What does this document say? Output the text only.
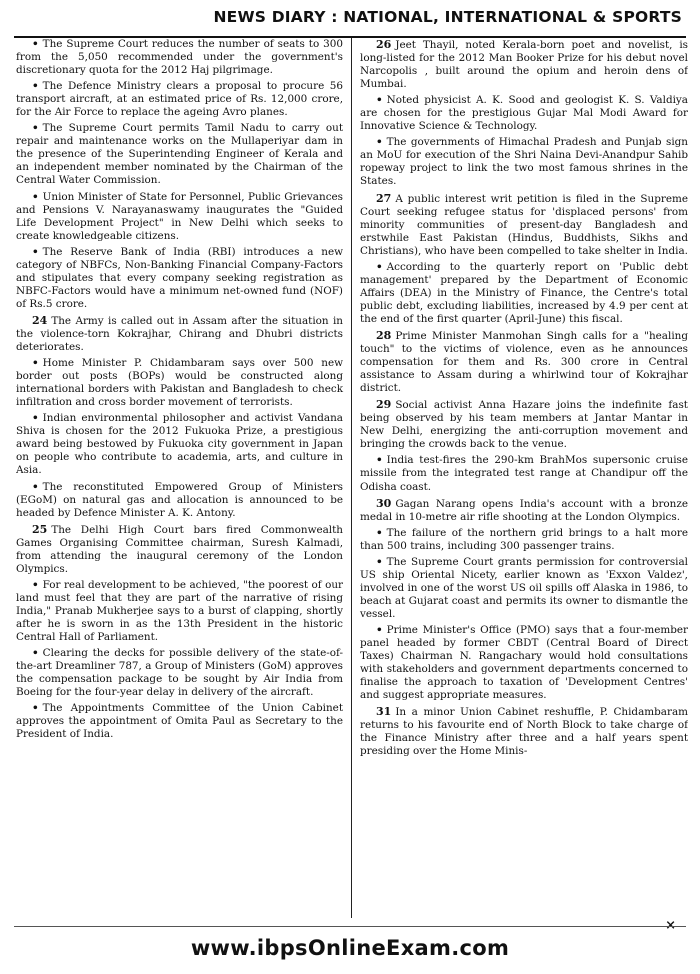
NEWS DIARY : NATIONAL, INTERNATIONAL & SPORTS

• The Supreme Court reduces the number of seats to 300 from the 5,050 recommended under the government's discretionary quota for the 2012 Haj pilgrimage.

• The Defence Ministry clears a proposal to procure 56 transport aircraft, at an estimated price of Rs. 12,000 crore, for the Air Force to replace the ageing Avro planes.

• The Supreme Court permits Tamil Nadu to carry out repair and maintenance works on the Mullaperiyar dam in the presence of the Superintending Engineer of Kerala and an independent member nominated by the Chairman of the Central Water Commission.

• Union Minister of State for Personnel, Public Grievances and Pensions V. Narayanaswamy inaugurates the "Guided Life Development Project" in New Delhi which seeks to create knowledgeable citizens.

• The Reserve Bank of India (RBI) introduces a new category of NBFCs, Non-Banking Financial Company-Factors and stipulates that every company seeking registration as NBFC-Factors would have a minimum net-owned fund (NOF) of Rs.5 crore.

24 The Army is called out in Assam after the situation in the violence-torn Kokrajhar, Chirang and Dhubri districts deteriorates.

• Home Minister P. Chidambaram says over 500 new border out posts (BOPs) would be constructed along international borders with Pakistan and Bangladesh to check infiltration and cross border movement of terrorists.

• Indian environmental philosopher and activist Vandana Shiva is chosen for the 2012 Fukuoka Prize, a prestigious award being bestowed by Fukuoka city government in Japan on people who contribute to academia, arts, and culture in Asia.

• The reconstituted Empowered Group of Ministers (EGoM) on natural gas and allocation is announced to be headed by Defence Minister A. K. Antony.

25 The Delhi High Court bars fired Commonwealth Games Organising Committee chairman, Suresh Kalmadi, from attending the inaugural ceremony of the London Olympics.

• For real development to be achieved, "the poorest of our land must feel that they are part of the narrative of rising India," Pranab Mukherjee says to a burst of clapping, shortly after he is sworn in as the 13th President in the historic Central Hall of Parliament.

• Clearing the decks for possible delivery of the state-of-the-art Dreamliner 787, a Group of Ministers (GoM) approves the compensation package to be sought by Air India from Boeing for the four-year delay in delivery of the aircraft.

• The Appointments Committee of the Union Cabinet approves the appointment of Omita Paul as Secretary to the President of India.

26 Jeet Thayil, noted Kerala-born poet and novelist, is long-listed for the 2012 Man Booker Prize for his debut novel Narcopolis , built around the opium and heroin dens of Mumbai.

• Noted physicist A. K. Sood and geologist K. S. Valdiya are chosen for the prestigious Gujar Mal Modi Award for Innovative Science & Technology.

• The governments of Himachal Pradesh and Punjab sign an MoU for execution of the Shri Naina Devi-Anandpur Sahib ropeway project to link the two most famous shrines in the States.

27 A public interest writ petition is filed in the Supreme Court seeking refugee status for 'displaced persons' from minority communities of present-day Bangladesh and erstwhile East Pakistan (Hindus, Buddhists, Sikhs and Christians), who have been compelled to take shelter in India.

• According to the quarterly report on 'Public debt management' prepared by the Department of Economic Affairs (DEA) in the Ministry of Finance, the Centre's total public debt, excluding liabilities, increased by 4.9 per cent at the end of the first quarter (April-June) this fiscal.

28 Prime Minister Manmohan Singh calls for a "healing touch" to the victims of violence, even as he announces compensation for them and Rs. 300 crore in Central assistance to Assam during a whirlwind tour of Kokrajhar district.

29 Social activist Anna Hazare joins the indefinite fast being observed by his team members at Jantar Mantar in New Delhi, energizing the anti-corruption movement and bringing the crowds back to the venue.

• India test-fires the 290-km BrahMos supersonic cruise missile from the integrated test range at Chandipur off the Odisha coast.

30 Gagan Narang opens India's account with a bronze medal in 10-metre air rifle shooting at the London Olympics.

• The failure of the northern grid brings to a halt more than 500 trains, including 300 passenger trains.

• The Supreme Court grants permission for controversial US ship Oriental Nicety, earlier known as 'Exxon Valdez', involved in one of the worst US oil spills off Alaska in 1986, to beach at Gujarat coast and permits its owner to dismantle the vessel.

• Prime Minister's Office (PMO) says that a four-member panel headed by former CBDT (Central Board of Direct Taxes) Chairman N. Rangachary would hold consultations with stakeholders and government departments concerned to finalise the approach to taxation of 'Development Centres' and suggest appropriate measures.

31 In a minor Union Cabinet reshuffle, P. Chidambaram returns to his favourite end of North Block to take charge of the Finance Ministry after three and a half years spent presiding over the Home Minis-

www.ibpsOnlineExam.com
